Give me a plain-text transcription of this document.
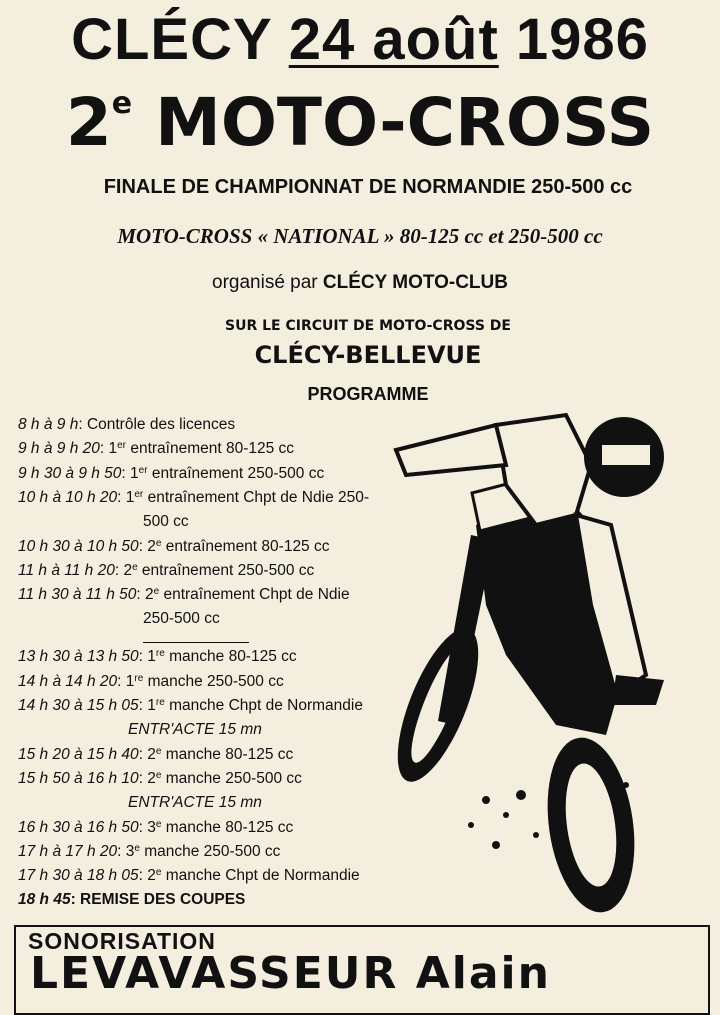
CLÉCY 24 août 1986
2e MOTO-CROSS
FINALE DE CHAMPIONNAT DE NORMANDIE 250-500 cc
MOTO-CROSS « NATIONAL » 80-125 cc et 250-500 cc
organisé par CLÉCY MOTO-CLUB
SUR LE CIRCUIT DE MOTO-CROSS DE
CLÉCY-BELLEVUE
PROGRAMME
8 h à 9 h: Contrôle des licences
9 h à 9 h 20: 1er entraînement 80-125 cc
9 h 30 à 9 h 50: 1er entraînement 250-500 cc
10 h à 10 h 20: 1er entraînement Chpt de Ndie 250-
500 cc
10 h 30 à 10 h 50: 2e entraînement 80-125 cc
11 h à 11 h 20: 2e entraînement 250-500 cc
11 h 30 à 11 h 50: 2e entraînement Chpt de Ndie
250-500 cc
13 h 30 à 13 h 50: 1re manche 80-125 cc
14 h à 14 h 20: 1re manche 250-500 cc
14 h 30 à 15 h 05: 1re manche Chpt de Normandie
ENTR'ACTE 15 mn
15 h 20 à 15 h 40: 2e manche 80-125 cc
15 h 50 à 16 h 10: 2e manche 250-500 cc
ENTR'ACTE 15 mn
16 h 30 à 16 h 50: 3e manche 80-125 cc
17 h à 17 h 20: 3e manche 250-500 cc
17 h 30 à 18 h 05: 2e manche Chpt de Normandie
18 h 45: REMISE DES COUPES
SONORISATION
LEVAVASSEUR Alain
